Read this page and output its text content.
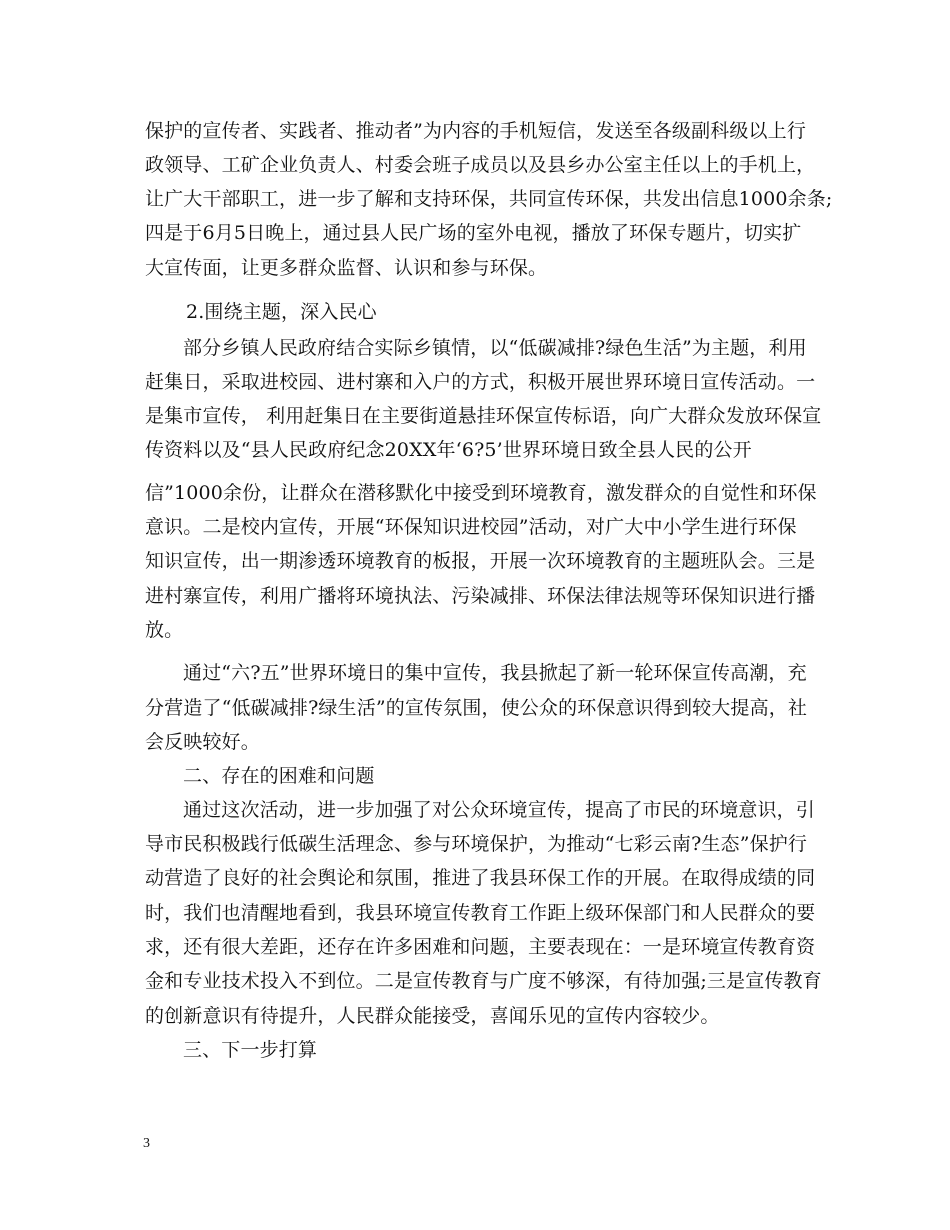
保护的宣传者、实践者、推动者”为内容的手机短信，发送至各级副科级以上行
政领导、工矿企业负责人、村委会班子成员以及县乡办公室主任以上的手机上，
让广大干部职工，进一步了解和支持环保，共同宣传环保，共发出信息1000余条;
四是于6月5日晚上，通过县人民广场的室外电视，播放了环保专题片，切实扩
大宣传面，让更多群众监督、认识和参与环保。
2.围绕主题，深入民心
部分乡镇人民政府结合实际乡镇情，以“低碳减排?绿色生活”为主题，利用
赶集日，采取进校园、进村寨和入户的方式，积极开展世界环境日宣传活动。一
是集市宣传， 利用赶集日在主要街道悬挂环保宣传标语，向广大群众发放环保宣
传资料以及“县人民政府纪念20XX年‘6?5’世界环境日致全县人民的公开
信”1000余份，让群众在潜移默化中接受到环境教育，激发群众的自觉性和环保
意识。二是校内宣传，开展“环保知识进校园”活动，对广大中小学生进行环保
知识宣传，出一期渗透环境教育的板报，开展一次环境教育的主题班队会。三是
进村寨宣传，利用广播将环境执法、污染减排、环保法律法规等环保知识进行播
放。
通过“六?五”世界环境日的集中宣传，我县掀起了新一轮环保宣传高潮，充
分营造了“低碳减排?绿生活”的宣传氛围，使公众的环保意识得到较大提高，社
会反映较好。
二、存在的困难和问题
通过这次活动，进一步加强了对公众环境宣传，提高了市民的环境意识，引
导市民积极践行低碳生活理念、参与环境保护，为推动“七彩云南?生态”保护行
动营造了良好的社会舆论和氛围，推进了我县环保工作的开展。在取得成绩的同
时，我们也清醒地看到，我县环境宣传教育工作距上级环保部门和人民群众的要
求，还有很大差距，还存在许多困难和问题，主要表现在：一是环境宣传教育资
金和专业技术投入不到位。二是宣传教育与广度不够深，有待加强;三是宣传教育
的创新意识有待提升，人民群众能接受，喜闻乐见的宣传内容较少。
三、下一步打算
3
